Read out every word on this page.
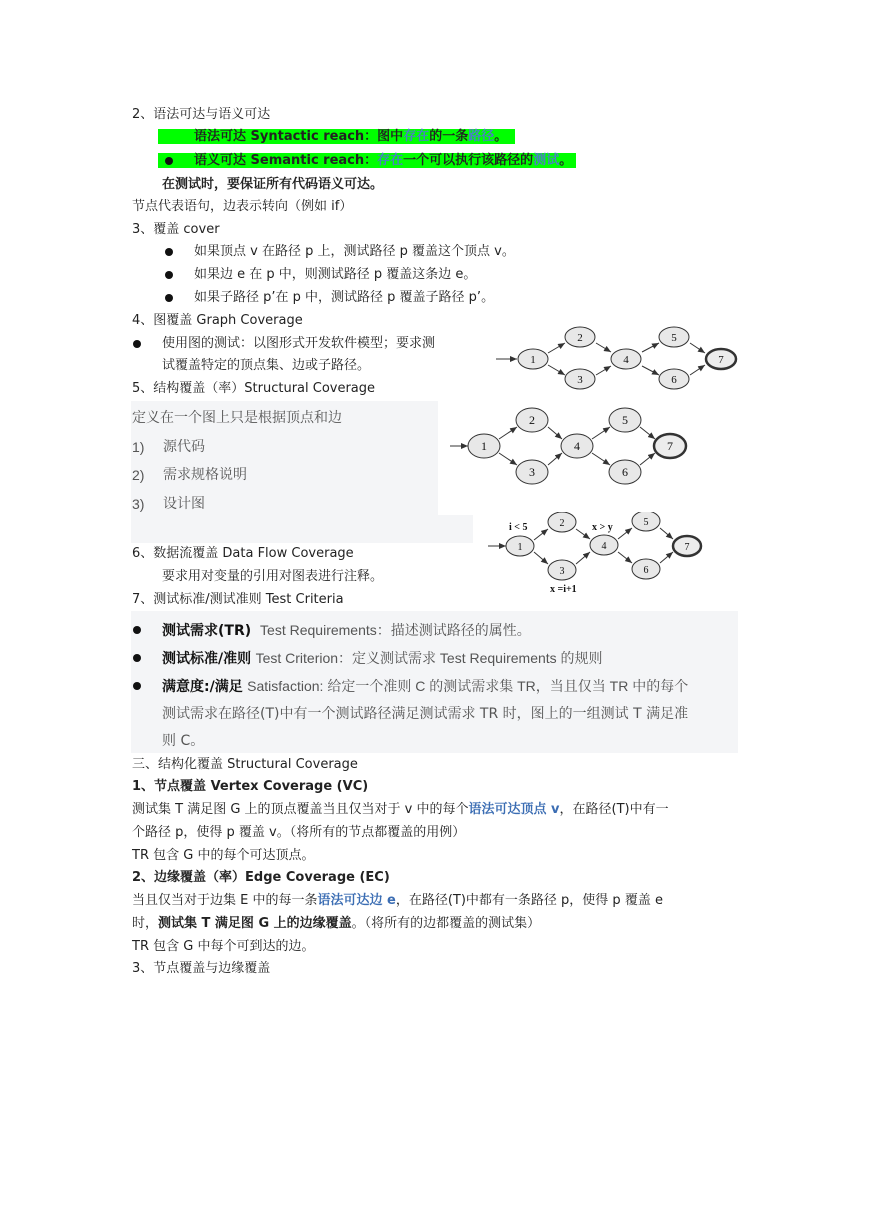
2、语法可达与语义可达
语法可达 Syntactic reach：图中存在的一条路径。
语义可达 Semantic reach：存在一个可以执行该路径的测试。
在测试时，要保证所有代码语义可达。
节点代表语句，边表示转向（例如 if）
3、覆盖 cover
如果顶点 v 在路径 p 上，测试路径 p 覆盖这个顶点 v。
如果边 e 在 p 中，则测试路径 p 覆盖这条边 e。
如果子路径 p’在 p 中，测试路径 p 覆盖子路径 p’。
4、图覆盖 Graph Coverage
使用图的测试：以图形式开发软件模型；要求测
试覆盖特定的顶点集、边或子路径。
5、结构覆盖（率）Structural Coverage
定义在一个图上只是根据顶点和边
1) 源代码
2) 需求规格说明
3) 设计图
6、数据流覆盖 Data Flow Coverage
要求用对变量的引用对图表进行注释。
7、测试标准/测试准则 Test Criteria
测试需求(TR) Test Requirements：描述测试路径的属性。
测试标准/准则 Test Criterion：定义测试需求 Test Requirements 的规则
满意度:/满足 Satisfaction: 给定一个准则 C 的测试需求集 TR，当且仅当 TR 中的每个
测试需求在路径(T)中有一个测试路径满足测试需求 TR 时，图上的一组测试 T 满足准
则 C。
三、结构化覆盖 Structural Coverage
1、节点覆盖 Vertex Coverage (VC)
测试集 T 满足图 G 上的顶点覆盖当且仅当对于 v 中的每个语法可达顶点 v，在路径(T)中有一
个路径 p，使得 p 覆盖 v。（将所有的节点都覆盖的用例）
TR 包含 G 中的每个可达顶点。
2、边缘覆盖（率）Edge Coverage (EC)
当且仅当对于边集 E 中的每一条语法可达边 e，在路径(T)中都有一条路径 p，使得 p 覆盖 e
时，测试集 T 满足图 G 上的边缘覆盖。（将所有的边都覆盖的测试集）
TR 包含 G 中每个可到达的边。
3、节点覆盖与边缘覆盖
1
2
3
4
5
6
7
1
2
3
4
5
6
7
1
2
3
4
5
6
7
i < 5	x > y
x =i+1
